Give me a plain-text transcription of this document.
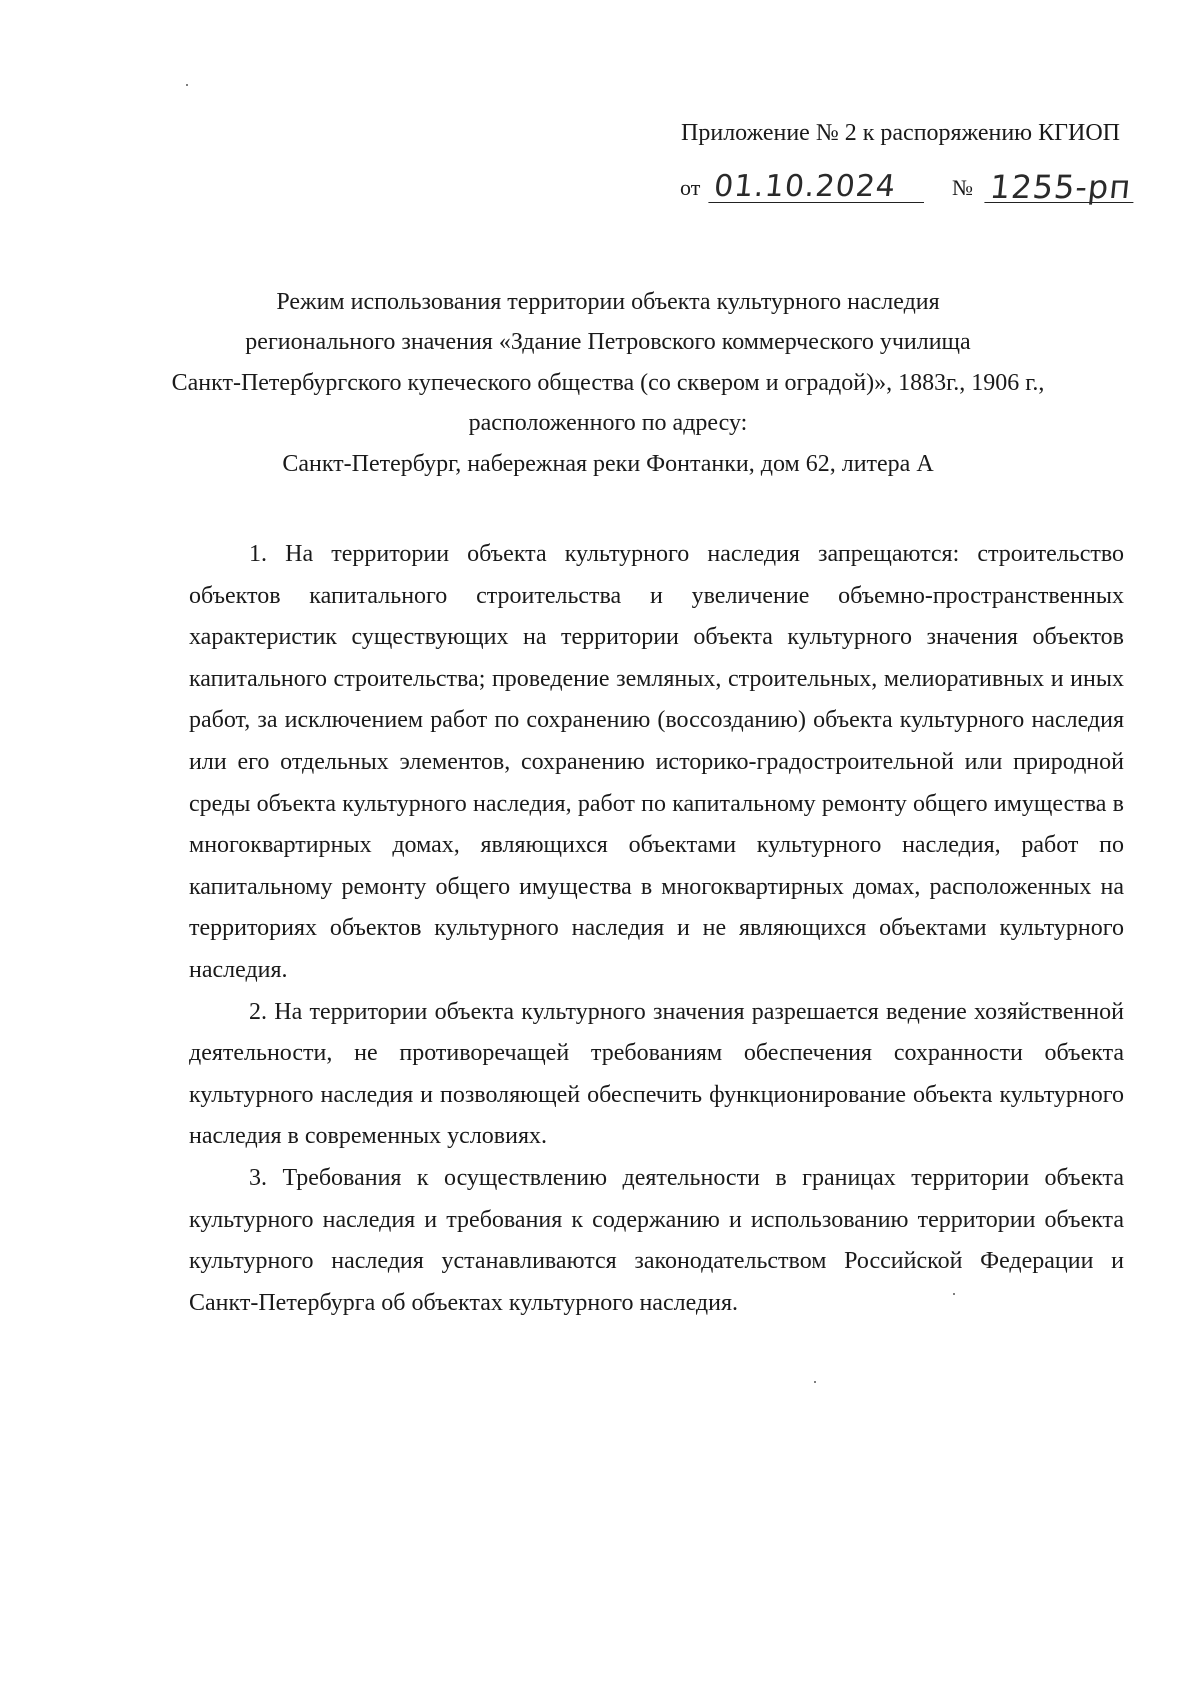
Приложение № 2 к распоряжению КГИОП
от 01.10.2024 № 1255-рп
Режим использования территории объекта культурного наследия
регионального значения «Здание Петровского коммерческого училища
Санкт-Петербургского купеческого общества (со сквером и оградой)», 1883г., 1906 г.,
расположенного по адресу:
Санкт-Петербург, набережная реки Фонтанки, дом 62, литера А

1. На территории объекта культурного наследия запрещаются: строительство объектов капитального строительства и увеличение объемно-пространственных характеристик существующих на территории объекта культурного значения объектов капитального строительства; проведение земляных, строительных, мелиоративных и иных работ, за исключением работ по сохранению (воссозданию) объекта культурного наследия или его отдельных элементов, сохранению историко-градостроительной или природной среды объекта культурного наследия, работ по капитальному ремонту общего имущества в многоквартирных домах, являющихся объектами культурного наследия, работ по капитальному ремонту общего имущества в многоквартирных домах, расположенных на территориях объектов культурного наследия и не являющихся объектами культурного наследия.

2. На территории объекта культурного значения разрешается ведение хозяйственной деятельности, не противоречащей требованиям обеспечения сохранности объекта культурного наследия и позволяющей обеспечить функционирование объекта культурного наследия в современных условиях.

3. Требования к осуществлению деятельности в границах территории объекта культурного наследия и требования к содержанию и использованию территории объекта культурного наследия устанавливаются законодательством Российской Федерации и Санкт-Петербурга об объектах культурного наследия.
